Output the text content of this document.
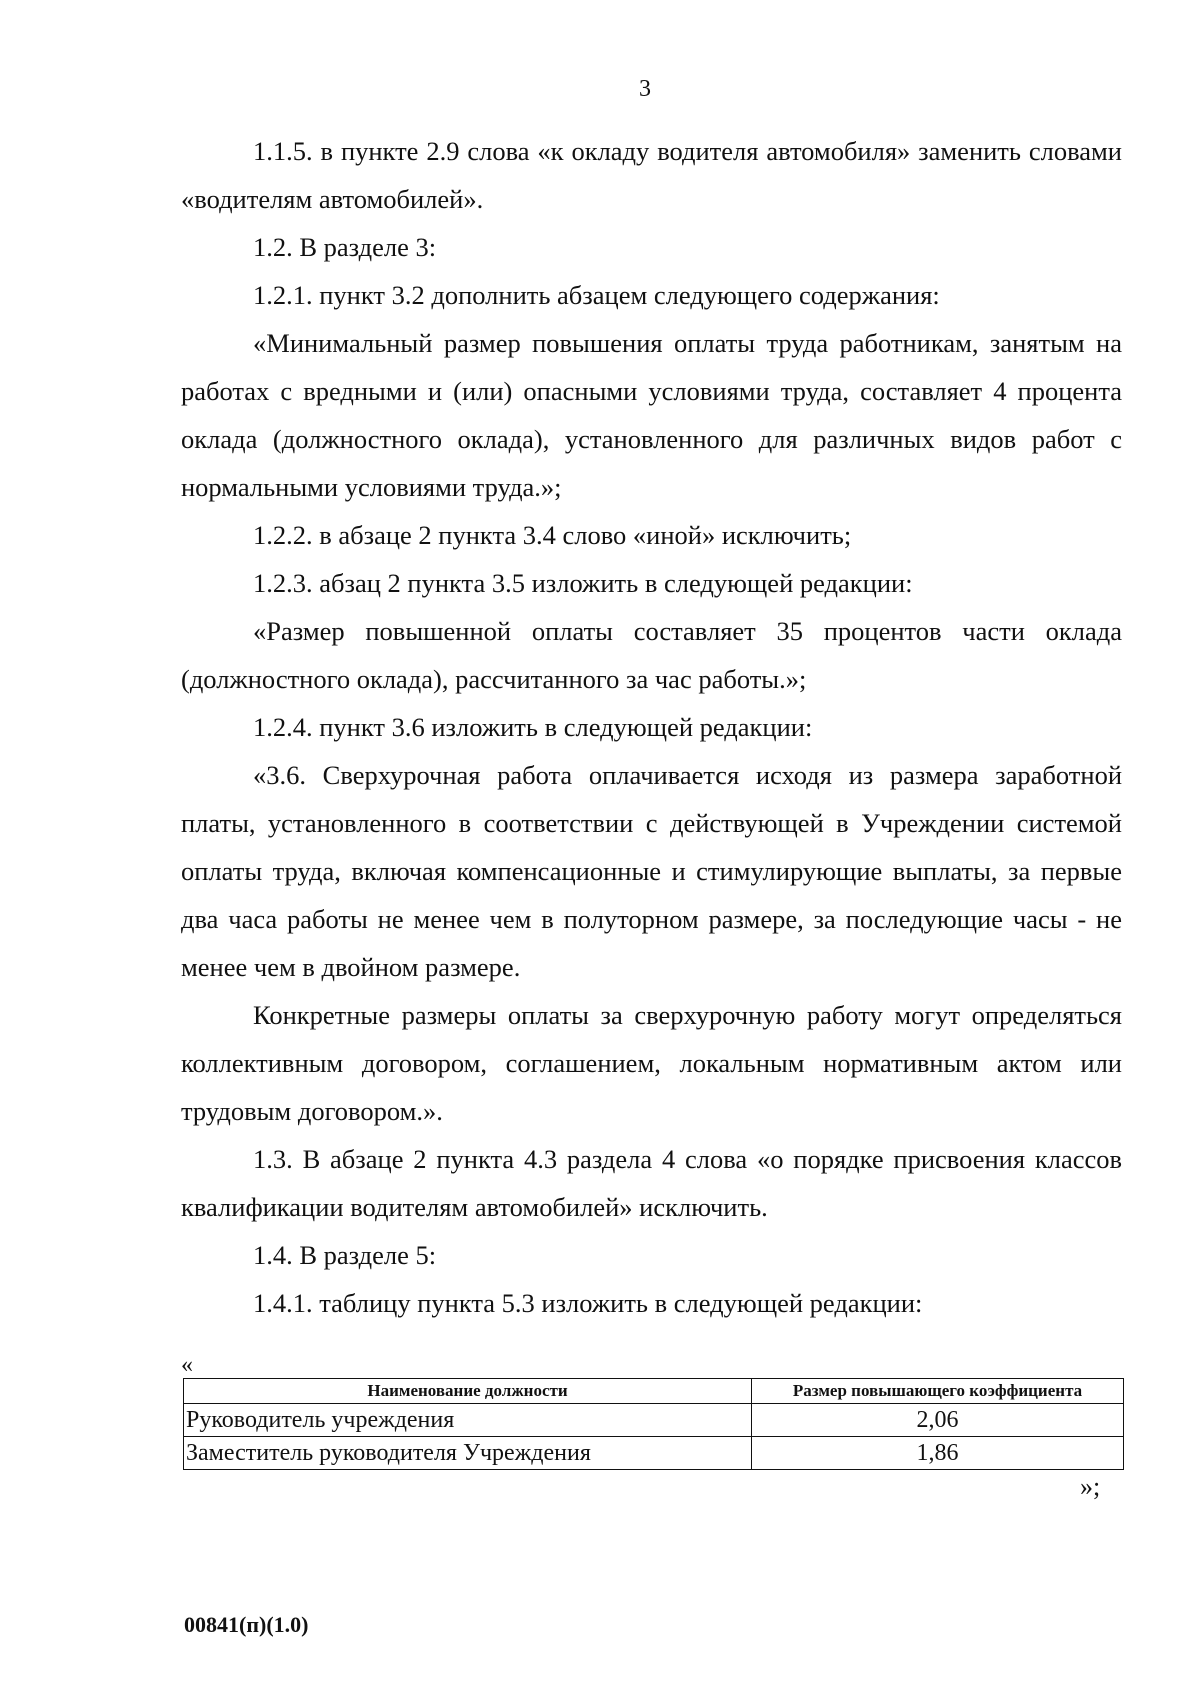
3

1.1.5. в пункте 2.9 слова «к окладу водителя автомобиля» заменить словами «водителям автомобилей».

1.2. В разделе 3:

1.2.1. пункт 3.2 дополнить абзацем следующего содержания:

«Минимальный размер повышения оплаты труда работникам, занятым на работах с вредными и (или) опасными условиями труда, составляет 4 процента оклада (должностного оклада), установленного для различных видов работ с нормальными условиями труда.»;

1.2.2. в абзаце 2 пункта 3.4 слово «иной» исключить;

1.2.3. абзац 2 пункта 3.5 изложить в следующей редакции:

«Размер повышенной оплаты составляет 35 процентов части оклада (должностного оклада), рассчитанного за час работы.»;

1.2.4. пункт 3.6 изложить в следующей редакции:

«3.6. Сверхурочная работа оплачивается исходя из размера заработной платы, установленного в соответствии с действующей в Учреждении системой оплаты труда, включая компенсационные и стимулирующие выплаты, за первые два часа работы не менее чем в полуторном размере, за последующие часы - не менее чем в двойном размере.

Конкретные размеры оплаты за сверхурочную работу могут определяться коллективным договором, соглашением, локальным нормативным актом или трудовым договором.».

1.3. В абзаце 2 пункта 4.3 раздела 4 слова «о порядке присвоения классов квалификации водителям автомобилей» исключить.

1.4. В разделе 5:

1.4.1. таблицу пункта 5.3 изложить в следующей редакции:

«
Наименование должности	Размер повышающего коэффициента
Руководитель учреждения	2,06
Заместитель руководителя Учреждения	1,86
»;
00841(п)(1.0)
